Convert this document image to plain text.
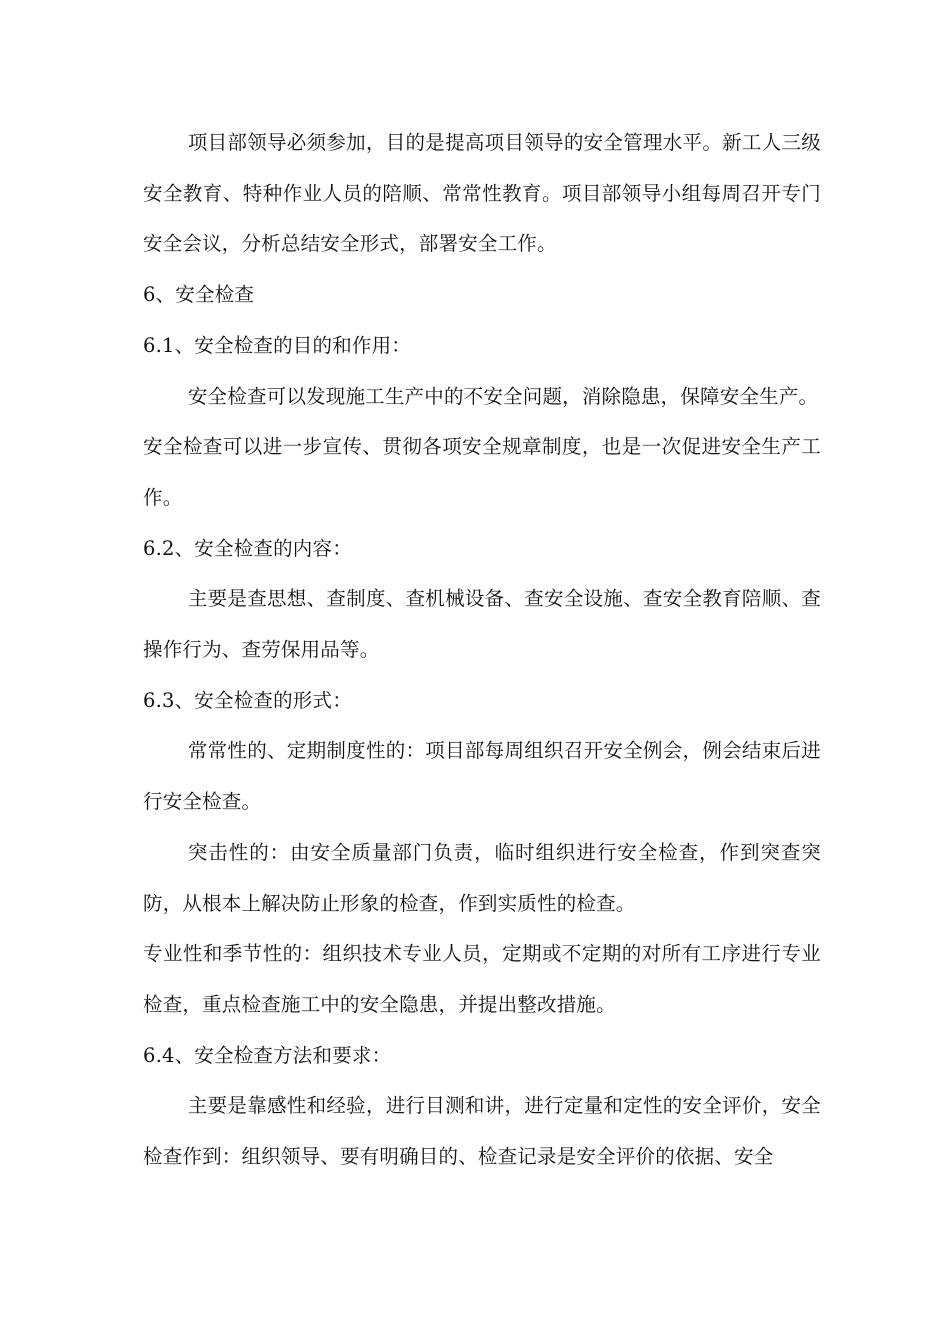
项目部领导必须参加，目的是提高项目领导的安全管理水平。新工人三级安全教育、特种作业人员的陪顺、常常性教育。项目部领导小组每周召开专门安全会议，分析总结安全形式，部署安全工作。

6、安全检查

6.1、安全检查的目的和作用：

安全检查可以发现施工生产中的不安全问题，消除隐患，保障安全生产。

安全检查可以进一步宣传、贯彻各项安全规章制度，也是一次促进安全生产工作。

6.2、安全检查的内容：

主要是查思想、查制度、查机械设备、查安全设施、查安全教育陪顺、查操作行为、查劳保用品等。

6.3、安全检查的形式：

常常性的、定期制度性的：项目部每周组织召开安全例会，例会结束后进行安全检查。

突击性的：由安全质量部门负责，临时组织进行安全检查，作到突查突防，从根本上解决防止形象的检查，作到实质性的检查。

专业性和季节性的：组织技术专业人员，定期或不定期的对所有工序进行专业检查，重点检查施工中的安全隐患，并提出整改措施。

6.4、安全检查方法和要求：

主要是靠感性和经验，进行目测和讲，进行定量和定性的安全评价，安全检查作到：组织领导、要有明确目的、检查记录是安全评价的依据、安全
